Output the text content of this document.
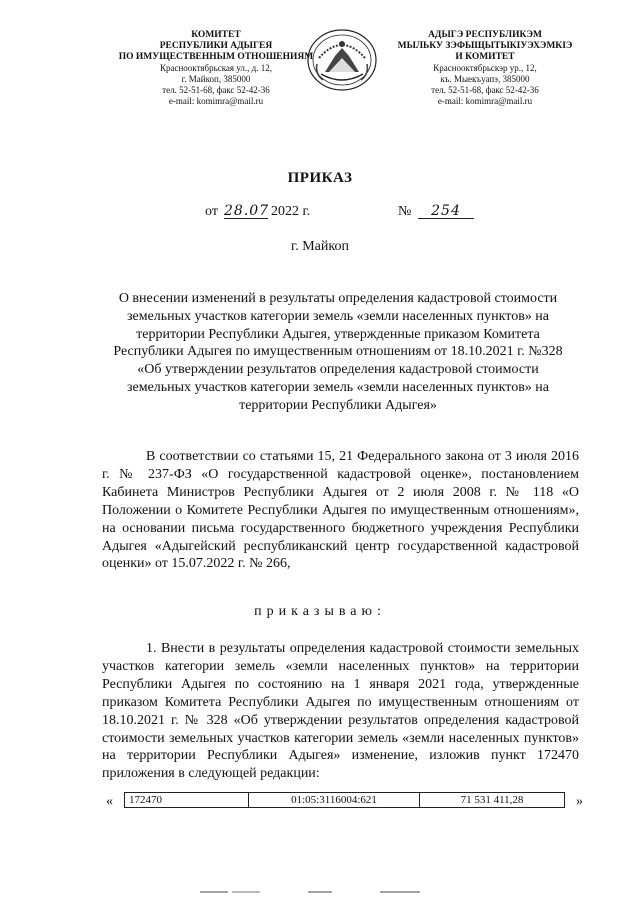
КОМИТЕТ
РЕСПУБЛИКИ АДЫГЕЯ
ПО ИМУЩЕСТВЕННЫМ ОТНОШЕНИЯМ
Краснооктябрьская ул., д. 12,
г. Майкоп, 385000
тел. 52-51-68, факс 52-42-36
e-mail: komimra@mail.ru
АДЫГЭ РЕСПУБЛИКЭМ
МЫЛЬКУ ЗЭФЫЩЫТЫКIУЭХЭМКIЭ
И КОМИТЕТ
Краснооктябрьскэр ур., 12,
къ. Мыекъуапэ, 385000
тел. 52-51-68, факс 52-42-36
e-mail: komimra@mail.ru
ПРИКАЗ
от 28.07 2022 г.	№	254
г. Майкоп
О внесении изменений в результаты определения кадастровой стоимости земельных участков категории земель «земли населенных пунктов» на территории Республики Адыгея, утвержденные приказом Комитета Республики Адыгея по имущественным отношениям от 18.10.2021 г. №328 «Об утверждении результатов определения кадастровой стоимости земельных участков категории земель «земли населенных пунктов» на территории Республики Адыгея»
В соответствии со статьями 15, 21 Федерального закона от 3 июля 2016 г. № 237-ФЗ «О государственной кадастровой оценке», постановлением Кабинета Министров Республики Адыгея от 2 июля 2008 г. № 118 «О Положении о Комитете Республики Адыгея по имущественным отношениям», на основании письма государственного бюджетного учреждения Республики Адыгея «Адыгейский республиканский центр государственной кадастровой оценки» от 15.07.2022 г. № 266,
приказываю:
1. Внести в результаты определения кадастровой стоимости земельных участков категории земель «земли населенных пунктов» на территории Республики Адыгея по состоянию на 1 января 2021 года, утвержденные приказом Комитета Республики Адыгея по имущественным отношениям от 18.10.2021 г. № 328 «Об утверждении результатов определения кадастровой стоимости земельных участков категории земель «земли населенных пунктов» на территории Республики Адыгея» изменение, изложив пункт 172470 приложения в следующей редакции:
« 172470	01:05:3116004:621	71 531 411,28	»
